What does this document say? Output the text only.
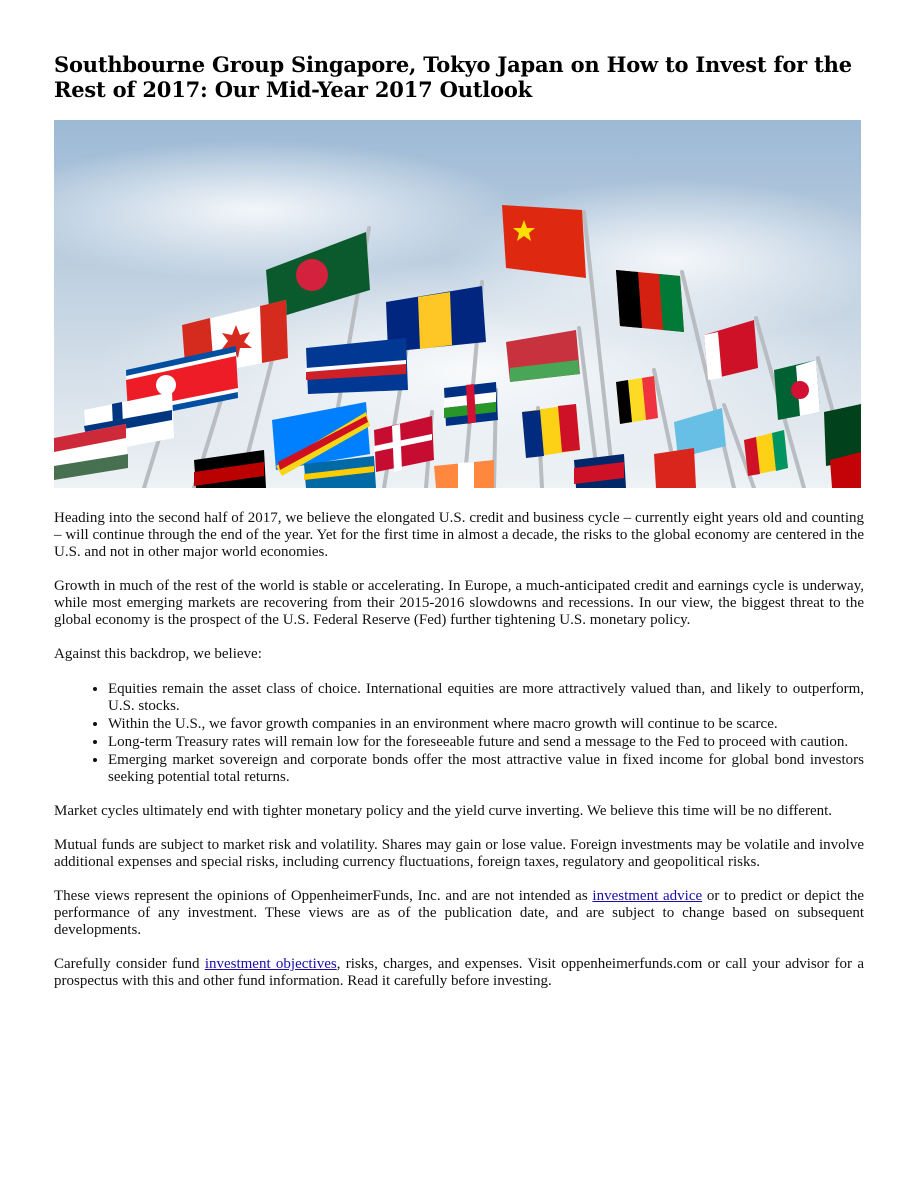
Southbourne Group Singapore, Tokyo Japan on How to Invest for the Rest of 2017: Our Mid-Year 2017 Outlook

Heading into the second half of 2017, we believe the elongated U.S. credit and business cycle – currently eight years old and counting – will continue through the end of the year. Yet for the first time in almost a decade, the risks to the global economy are centered in the U.S. and not in other major world economies.

Growth in much of the rest of the world is stable or accelerating. In Europe, a much-anticipated credit and earnings cycle is underway, while most emerging markets are recovering from their 2015-2016 slowdowns and recessions. In our view, the biggest threat to the global economy is the prospect of the U.S. Federal Reserve (Fed) further tightening U.S. monetary policy.

Against this backdrop, we believe:

• Equities remain the asset class of choice. International equities are more attractively valued than, and likely to outperform, U.S. stocks.
• Within the U.S., we favor growth companies in an environment where macro growth will continue to be scarce.
• Long-term Treasury rates will remain low for the foreseeable future and send a message to the Fed to proceed with caution.
• Emerging market sovereign and corporate bonds offer the most attractive value in fixed income for global bond investors seeking potential total returns.

Market cycles ultimately end with tighter monetary policy and the yield curve inverting. We believe this time will be no different.

Mutual funds are subject to market risk and volatility. Shares may gain or lose value. Foreign investments may be volatile and involve additional expenses and special risks, including currency fluctuations, foreign taxes, regulatory and geopolitical risks.

These views represent the opinions of OppenheimerFunds, Inc. and are not intended as investment advice or to predict or depict the performance of any investment. These views are as of the publication date, and are subject to change based on subsequent developments.

Carefully consider fund investment objectives, risks, charges, and expenses. Visit oppenheimerfunds.com or call your advisor for a prospectus with this and other fund information. Read it carefully before investing.
